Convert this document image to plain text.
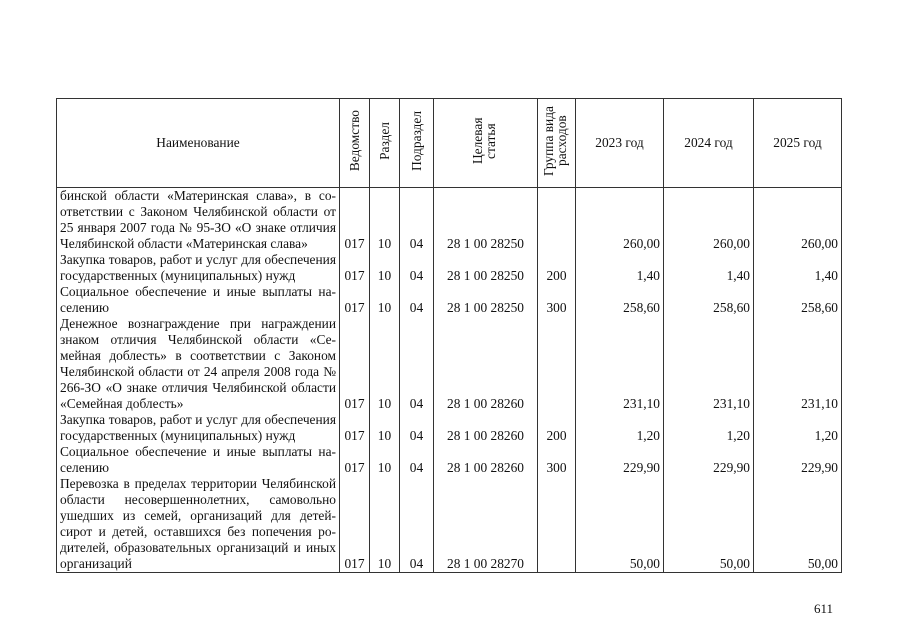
Наименование	Ведомство	Раздел	Подраздел	Целевая статья	Группа вида расходов	2023 год	2024 год	2025 год
бинской области «Материнская слава», в соответствии с Законом Челябинской области от 25 января 2007 года № 95-ЗО «О знаке отличия Челябинской области «Материнская слава»	017	10	04	28 1 00 28250		260,00	260,00	260,00
Закупка товаров, работ и услуг для обеспечения государственных (муниципальных) нужд	017	10	04	28 1 00 28250	200	1,40	1,40	1,40
Социальное обеспечение и иные выплаты населению	017	10	04	28 1 00 28250	300	258,60	258,60	258,60
Денежное вознаграждение при награждении знаком отличия Челябинской области «Семейная доблесть» в соответствии с Законом Челябинской области от 24 апреля 2008 года № 266-ЗО «О знаке отличия Челябинской области «Семейная доблесть»	017	10	04	28 1 00 28260		231,10	231,10	231,10
Закупка товаров, работ и услуг для обеспечения государственных (муниципальных) нужд	017	10	04	28 1 00 28260	200	1,20	1,20	1,20
Социальное обеспечение и иные выплаты населению	017	10	04	28 1 00 28260	300	229,90	229,90	229,90
Перевозка в пределах территории Челябинской области несовершеннолетних, самовольно ушедших из семей, организаций для детей-сирот и детей, оставшихся без попечения родителей, образовательных организаций и иных организаций	017	10	04	28 1 00 28270		50,00	50,00	50,00
611
